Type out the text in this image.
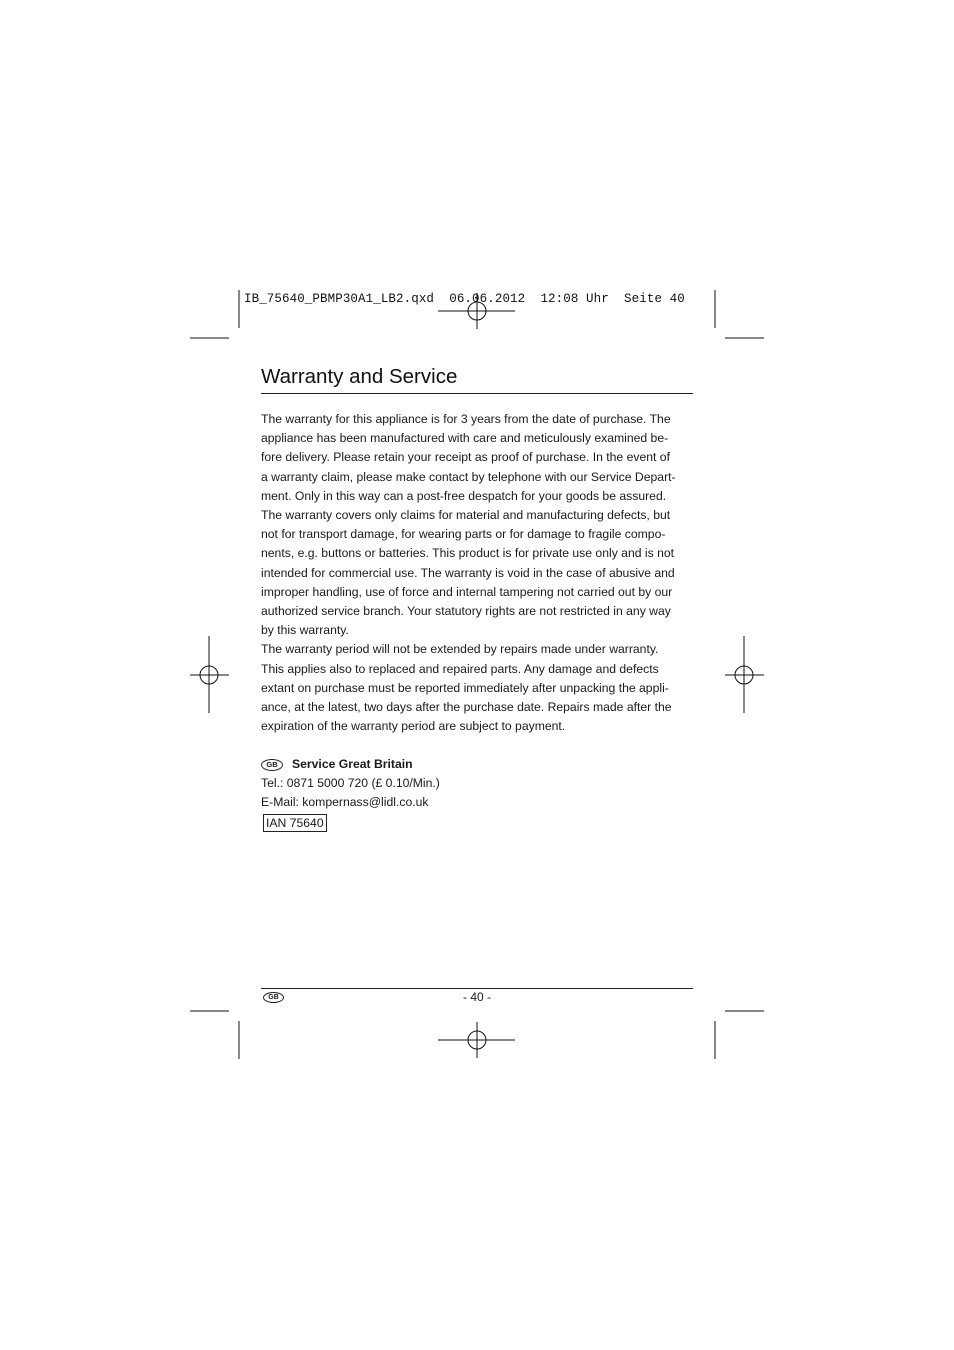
IB_75640_PBMP30A1_LB2.qxd  06.06.2012  12:08 Uhr  Seite 40
Warranty and Service

The warranty for this appliance is for 3 years from the date of purchase. The
appliance has been manufactured with care and meticulously examined be-
fore delivery. Please retain your receipt as proof of purchase. In the event of
a warranty claim, please make contact by telephone with our Service Depart-
ment. Only in this way can a post-free despatch for your goods be assured.
The warranty covers only claims for material and manufacturing defects, but
not for transport damage, for wearing parts or for damage to fragile compo-
nents, e.g. buttons or batteries. This product is for private use only and is not
intended for commercial use. The warranty is void in the case of abusive and
improper handling, use of force and internal tampering not carried out by our
authorized service branch. Your statutory rights are not restricted in any way
by this warranty.

The warranty period will not be extended by repairs made under warranty.
This applies also to replaced and repaired parts. Any damage and defects
extant on purchase must be reported immediately after unpacking the appli-
ance, at the latest, two days after the purchase date. Repairs made after the
expiration of the warranty period are subject to payment.

GB	Service Great Britain
Tel.: 0871 5000 720 (£ 0.10/Min.)
E-Mail: kompernass@lidl.co.uk
IAN 75640
GB	- 40 -
